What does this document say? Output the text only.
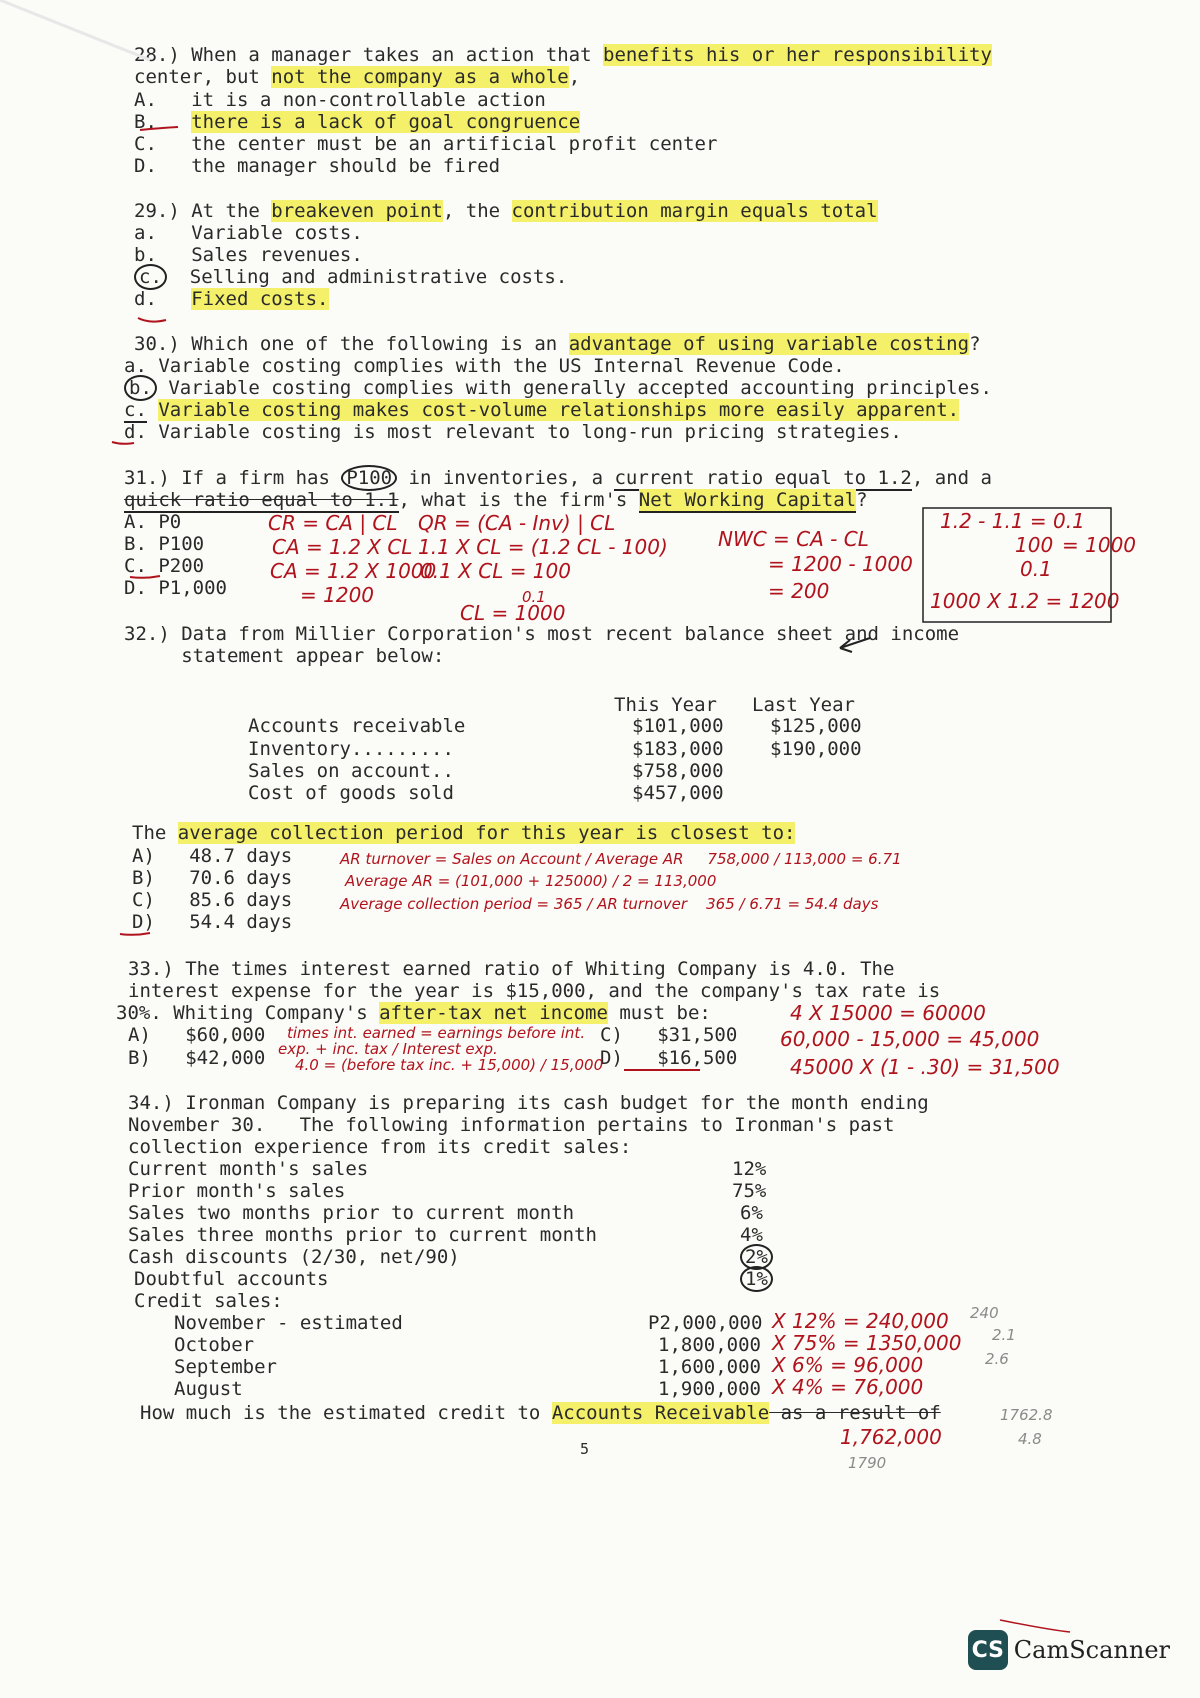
28.) When a manager takes an action that benefits his or her responsibility
center, but not the company as a whole,
A.   it is a non-controllable action
B. there is a lack of goal congruence
C.   the center must be an artificial profit center
D.   the manager should be fired
29.) At the breakeven point, the contribution margin equals total
a.   Variable costs.
b.   Sales revenues.
c. Selling and administrative costs.
d. Fixed costs.
30.) Which one of the following is an advantage of using variable costing?
a. Variable costing complies with the US Internal Revenue Code.
b. Variable costing complies with generally accepted accounting principles.
c. Variable costing makes cost-volume relationships more easily apparent.
d. Variable costing is most relevant to long-run pricing strategies.
31.) If a firm has P100 in inventories, a current ratio equal to 1.2, and a
quick ratio equal to 1.1, what is the firm's Net Working Capital?
A. P0
B. P100
C. P200
D. P1,000
CR = CA | CL
CA = 1.2 X CL
CA = 1.2 X 1000
= 1200
QR = (CA - Inv) | CL
1.1 X CL = (1.2 CL - 100)
0.1 X CL = 100
0.1
CL = 1000
NWC = CA - CL
= 1200 - 1000
= 200
1.2 - 1.1 = 0.1
100 = 1000
0.1
1000 X 1.2 = 1200
32.) Data from Millier Corporation's most recent balance sheet and income
statement appear below:
This Year Last Year
Accounts receivable	$101,000 $125,000
Inventory.........	$183,000 $190,000
Sales on account..	$758,000
Cost of goods sold	$457,000
The average collection period for this year is closest to:
A)   48.7 days
B)   70.6 days
C)   85.6 days
D)   54.4 days
AR turnover = Sales on Account / Average AR     758,000 / 113,000 = 6.71
Average AR = (101,000 + 125000) / 2 = 113,000
Average collection period = 365 / AR turnover    365 / 6.71 = 54.4 days
33.) The times interest earned ratio of Whiting Company is 4.0. The
interest expense for the year is $15,000, and the company's tax rate is
30%. Whiting Company's after-tax net income must be:
A)   $60,000
B)   $42,000
C)   $31,500
D)   $16,500
times int. earned = earnings before int.
exp. + inc. tax / Interest exp.
4.0 = (before tax inc. + 15,000) / 15,000
4 X 15000 = 60000
60,000 - 15,000 = 45,000
45000 X (1 - .30) = 31,500
34.) Ironman Company is preparing its cash budget for the month ending
November 30.   The following information pertains to Ironman's past
collection experience from its credit sales:
Current month's sales	12%
Prior month's sales	75%
Sales two months prior to current month	6%
Sales three months prior to current month	4%
Cash discounts (2/30, net/90)	2%
Doubtful accounts	1%
Credit sales:
November - estimated	P2,000,000 X 12% = 240,000
October	1,800,000 X 75% = 1350,000
September	1,600,000 X 6% = 96,000
August	1,900,000 X 4% = 76,000
How much is the estimated credit to Accounts Receivable as a result of
1,762,000
240
2.1
2.6
1762.8
4.8
1790
5
CS CamScanner
